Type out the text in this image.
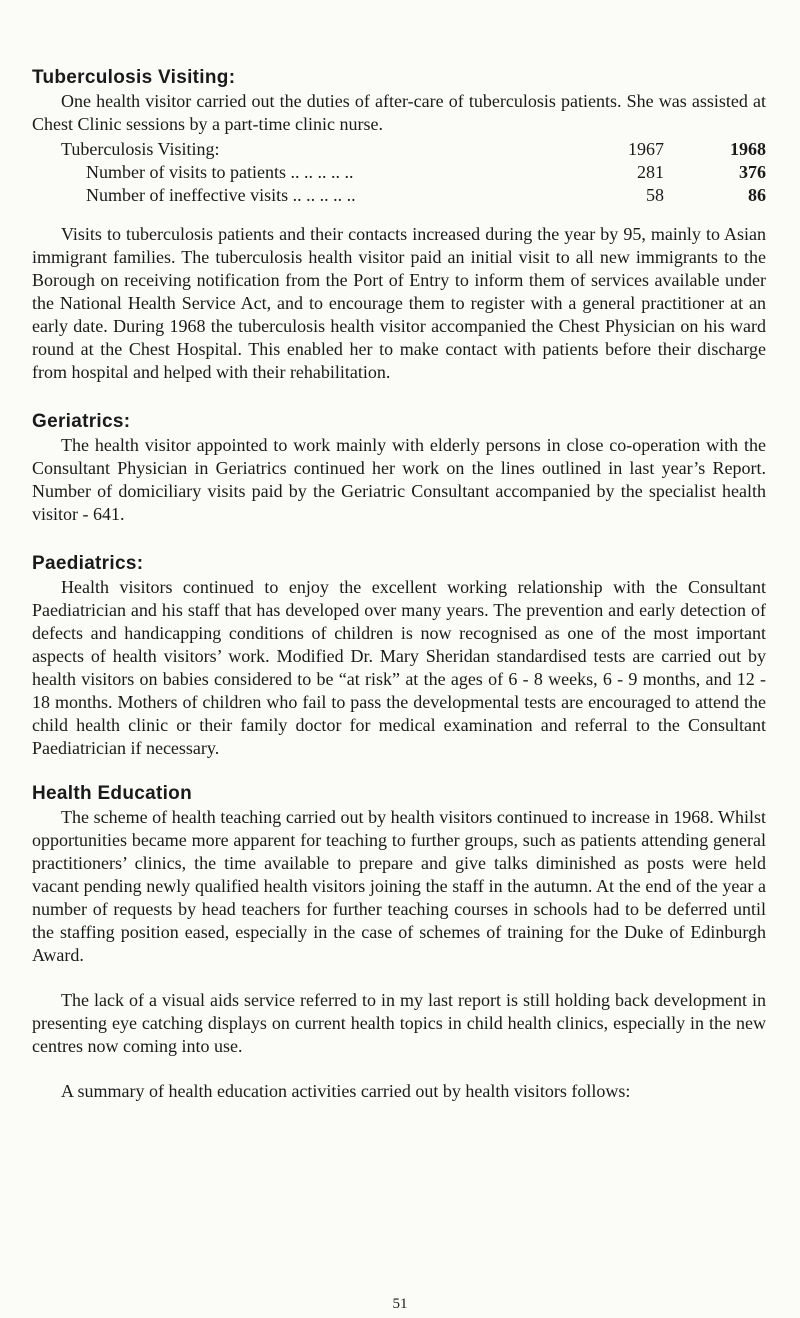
Tuberculosis Visiting:

One health visitor carried out the duties of after-care of tuberculosis patients. She was assisted at Chest Clinic sessions by a part-time clinic nurse.

Tuberculosis Visiting:	1967	1968
Number of visits to patients .. .. .. .. ..	281	376
Number of ineffective visits .. .. .. .. ..	58	86

Visits to tuberculosis patients and their contacts increased during the year by 95, mainly to Asian immigrant families. The tuberculosis health visitor paid an initial visit to all new immigrants to the Borough on receiving notification from the Port of Entry to inform them of services available under the National Health Service Act, and to encourage them to register with a general practitioner at an early date. During 1968 the tuberculosis health visitor accompanied the Chest Physician on his ward round at the Chest Hospital. This enabled her to make contact with patients before their discharge from hospital and helped with their rehabilitation.

Geriatrics:

The health visitor appointed to work mainly with elderly persons in close co-operation with the Consultant Physician in Geriatrics continued her work on the lines outlined in last year’s Report. Number of domiciliary visits paid by the Geriatric Consultant accompanied by the specialist health visitor - 641.

Paediatrics:

Health visitors continued to enjoy the excellent working relationship with the Consultant Paediatrician and his staff that has developed over many years. The prevention and early detection of defects and handicapping conditions of children is now recognised as one of the most important aspects of health visitors’ work. Modified Dr. Mary Sheridan standardised tests are carried out by health visitors on babies considered to be “at risk” at the ages of 6 - 8 weeks, 6 - 9 months, and 12 - 18 months. Mothers of children who fail to pass the developmental tests are encouraged to attend the child health clinic or their family doctor for medical examination and referral to the Consultant Paediatrician if necessary.

Health Education

The scheme of health teaching carried out by health visitors continued to increase in 1968. Whilst opportunities became more apparent for teaching to further groups, such as patients attending general practitioners’ clinics, the time available to prepare and give talks diminished as posts were held vacant pending newly qualified health visitors joining the staff in the autumn. At the end of the year a number of requests by head teachers for further teaching courses in schools had to be deferred until the staffing position eased, especially in the case of schemes of training for the Duke of Edinburgh Award.

The lack of a visual aids service referred to in my last report is still holding back development in presenting eye catching displays on current health topics in child health clinics, especially in the new centres now coming into use.

A summary of health education activities carried out by health visitors follows:

51
